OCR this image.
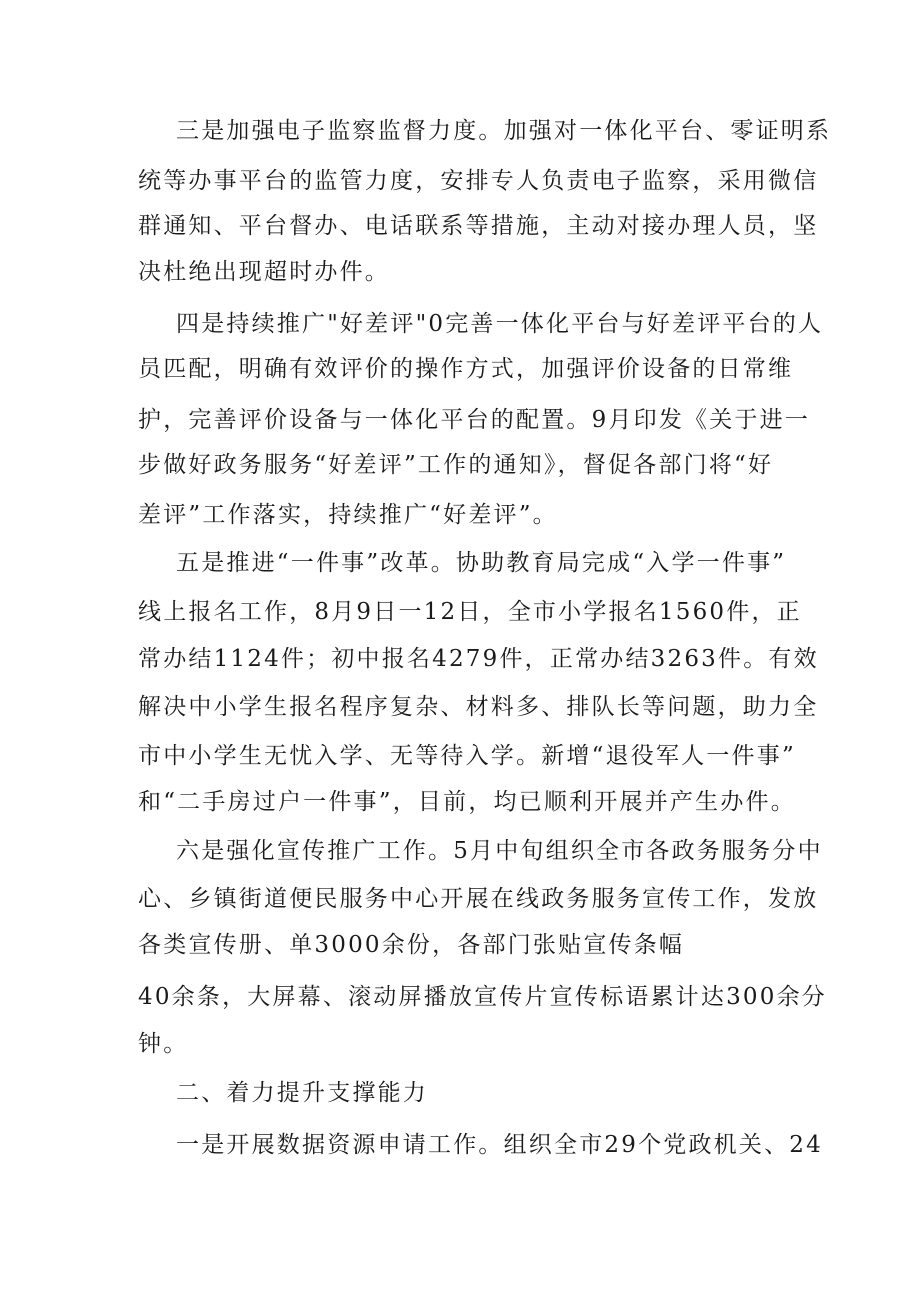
三是加强电子监察监督力度。加强对一体化平台、零证明系
统等办事平台的监管力度，安排专人负责电子监察，采用微信
群通知、平台督办、电话联系等措施，主动对接办理人员，坚
决杜绝出现超时办件。
四是持续推广"好差评"0完善一体化平台与好差评平台的人
员匹配，明确有效评价的操作方式，加强评价设备的日常维
护，完善评价设备与一体化平台的配置。9月印发《关于进一
步做好政务服务“好差评”工作的通知》，督促各部门将“好
差评”工作落实，持续推广“好差评”。
五是推进“一件事”改革。协助教育局完成“入学一件事”
线上报名工作，8月9日一12日，全市小学报名1560件，正
常办结1124件；初中报名4279件，正常办结3263件。有效
解决中小学生报名程序复杂、材料多、排队长等问题，助力全
市中小学生无忧入学、无等待入学。新增“退役军人一件事”
和“二手房过户一件事”，目前，均已顺利开展并产生办件。
六是强化宣传推广工作。5月中旬组织全市各政务服务分中
心、乡镇街道便民服务中心开展在线政务服务宣传工作，发放
各类宣传册、单3000余份，各部门张贴宣传条幅
40余条，大屏幕、滚动屏播放宣传片宣传标语累计达300余分
钟。
二、着力提升支撑能力
一是开展数据资源申请工作。组织全市29个党政机关、24
